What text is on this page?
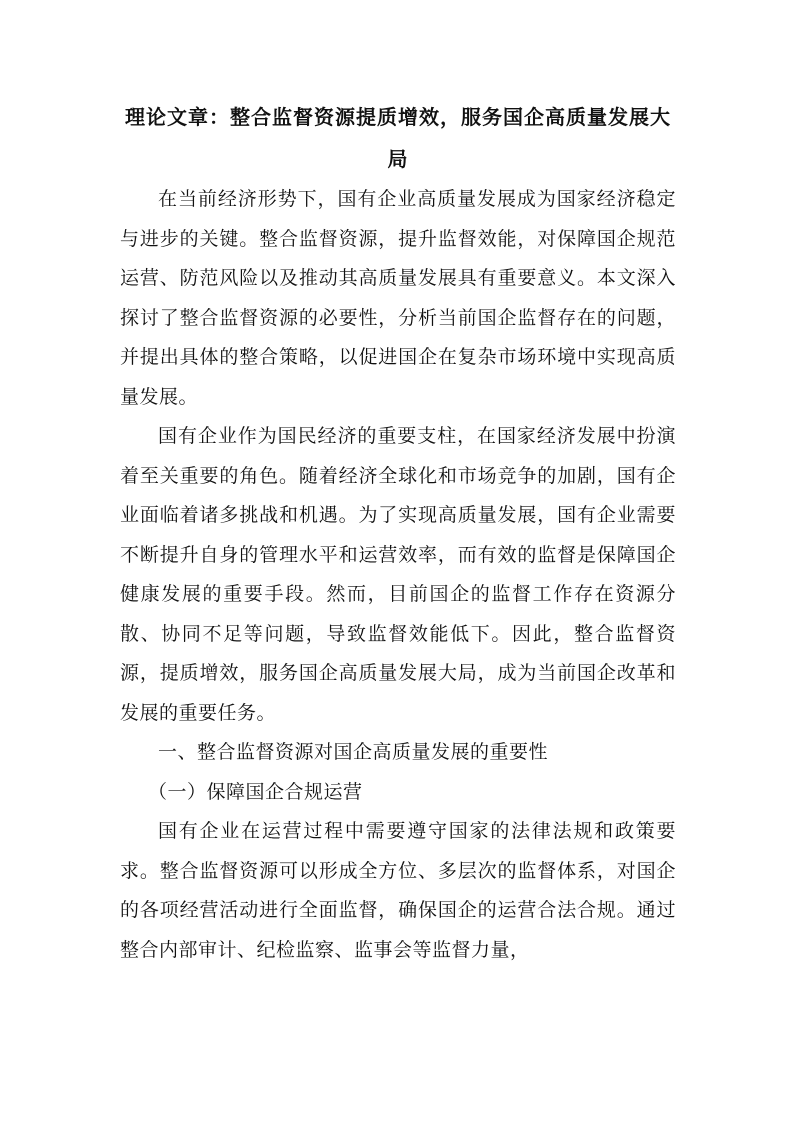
理论文章：整合监督资源提质增效，服务国企高质量发展大局

在当前经济形势下，国有企业高质量发展成为国家经济稳定与进步的关键。整合监督资源，提升监督效能，对保障国企规范运营、防范风险以及推动其高质量发展具有重要意义。本文深入探讨了整合监督资源的必要性，分析当前国企监督存在的问题，并提出具体的整合策略，以促进国企在复杂市场环境中实现高质量发展。

国有企业作为国民经济的重要支柱，在国家经济发展中扮演着至关重要的角色。随着经济全球化和市场竞争的加剧，国有企业面临着诸多挑战和机遇。为了实现高质量发展，国有企业需要不断提升自身的管理水平和运营效率，而有效的监督是保障国企健康发展的重要手段。然而，目前国企的监督工作存在资源分散、协同不足等问题，导致监督效能低下。因此，整合监督资源，提质增效，服务国企高质量发展大局，成为当前国企改革和发展的重要任务。

一、整合监督资源对国企高质量发展的重要性

（一）保障国企合规运营

国有企业在运营过程中需要遵守国家的法律法规和政策要求。整合监督资源可以形成全方位、多层次的监督体系，对国企的各项经营活动进行全面监督，确保国企的运营合法合规。通过整合内部审计、纪检监察、监事会等监督力量，
